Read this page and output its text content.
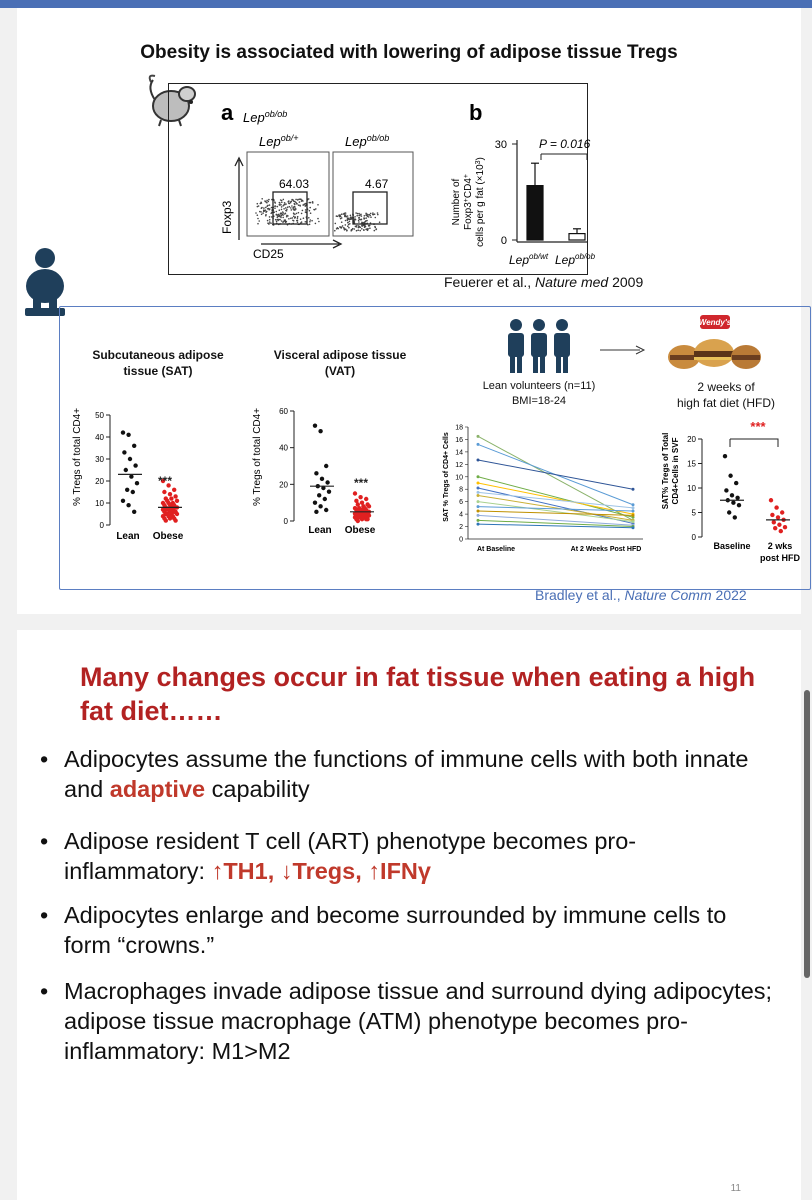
Obesity is associated with lowering of adipose tissue Tregs
a Lep$^{ob/ob}$
Lep$^{ob/+}$	Lep$^{ob/ob}$
Foxp3
CD25
64.03	4.67
b
Number of Foxp3+CD4+ cells per g fat $(\times 10^3)$
30
0
P = 0.016
Lep$^{ob/wt}$ Lep$^{ob/ob}$
Feuerer et al., Nature med 2009
Subcutaneous adipose
tissue (SAT)
% Tregs of total CD4+
0
10
20
30
40
50
***
Lean Obese
Visceral adipose tissue
(VAT)
% Tregs of total CD4+
0
20
40
60
***
Lean Obese
Lean volunteers (n=11)
BMI=18-24
Wendy's
2 weeks of
high fat diet (HFD)
SAT % Tregs of CD4+ Cells
0
2
4
6
8
10
12
14
16
18
At Baseline	At 2 Weeks Post HFD
SAT% Tregs of Total CD4+Cells in SVF
0
5
10
15
20
***
Baseline 2 wks
post HFD
Bradley et al., Nature Comm 2022
Many changes occur in fat tissue when eating a high fat diet……
• Adipocytes assume the functions of immune cells with both innate and adaptive capability
• Adipose resident T cell (ART) phenotype becomes pro-inflammatory: ↑TH1, ↓Tregs, ↑IFNγ
• Adipocytes enlarge and become surrounded by immune cells to form “crowns.”
• Macrophages invade adipose tissue and surround dying adipocytes; adipose tissue macrophage (ATM) phenotype becomes pro-inflammatory: M1>M2
11
